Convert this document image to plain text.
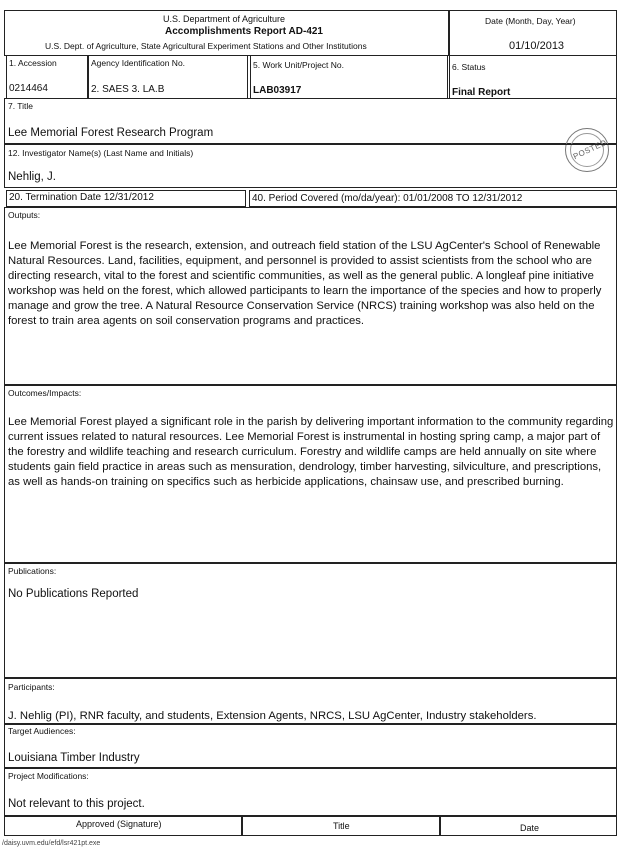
U.S. Department of Agriculture
Accomplishments Report AD-421
U.S. Dept. of Agriculture, State Agricultural Experiment Stations and Other Institutions
Date (Month, Day, Year)
01/10/2013
1. Accession
0214464
Agency Identification No.
2. SAES 3. LA.B
5. Work Unit/Project No.
LAB03917
6. Status
Final Report
7. Title
Lee Memorial Forest Research Program
POSTED
12. Investigator Name(s) (Last Name and Initials)
Nehlig, J.
20. Termination Date 12/31/2012	40. Period Covered (mo/da/year): 01/01/2008 TO 12/31/2012
Outputs:
Lee Memorial Forest is the research, extension, and outreach field station of the LSU AgCenter's School of Renewable Natural Resources. Land, facilities, equipment, and personnel is provided to assist scientists from the school who are directing research, vital to the forest and scientific communities, as well as the general public. A longleaf pine initiative workshop was held on the forest, which allowed participants to learn the importance of the species and how to properly manage and grow the tree. A Natural Resource Conservation Service (NRCS) training workshop was also held on the forest to train area agents on soil conservation programs and practices.
Outcomes/Impacts:
Lee Memorial Forest played a significant role in the parish by delivering important information to the community regarding current issues related to natural resources. Lee Memorial Forest is instrumental in hosting spring camp, a major part of the forestry and wildlife teaching and research curriculum. Forestry and wildlife camps are held annually on site where students gain field practice in areas such as mensuration, dendrology, timber harvesting, silviculture, and prescriptions, as well as hands-on training on specifics such as herbicide applications, chainsaw use, and prescribed burning.
Publications:
No Publications Reported
Participants:
J. Nehlig (PI), RNR faculty, and students, Extension Agents, NRCS, LSU AgCenter, Industry stakeholders.
Target Audiences:
Louisiana Timber Industry
Project Modifications:
Not relevant to this project.
Approved (Signature)	Title	Date
/daisy.uvm.edu/efd/lsr421pt.exe
